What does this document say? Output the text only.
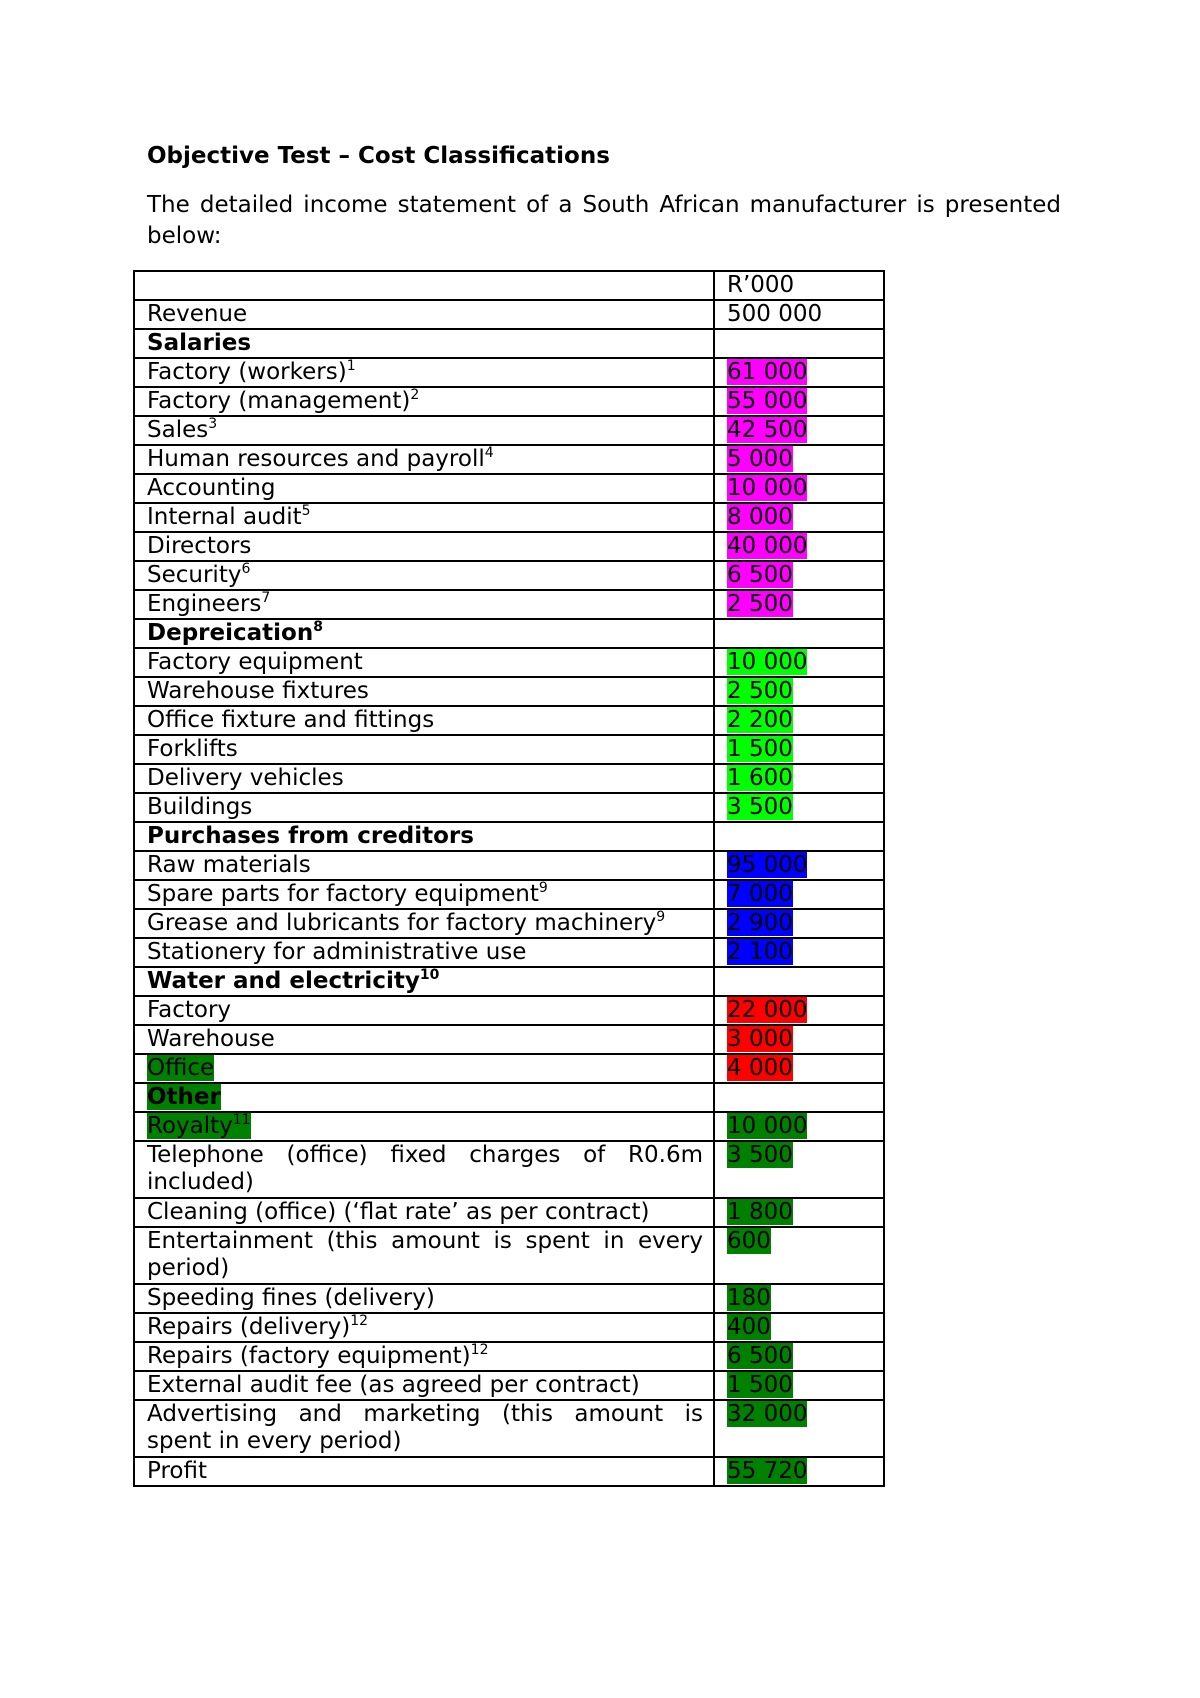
Objective Test – Cost Classifications

The detailed income statement of a South African manufacturer is presented below:

	R’000
Revenue	500 000
Salaries	
Factory (workers)$^1$	61 000
Factory (management)$^2$	55 000
Sales$^3$	42 500
Human resources and payroll$^4$	5 000
Accounting	10 000
Internal audit$^5$	8 000
Directors	40 000
Security$^6$	6 500
Engineers$^7$	2 500
Depreication$^8$	
Factory equipment	10 000
Warehouse fixtures	2 500
Office fixture and fittings	2 200
Forklifts	1 500
Delivery vehicles	1 600
Buildings	3 500
Purchases from creditors	
Raw materials	95 000
Spare parts for factory equipment$^9$	7 000
Grease and lubricants for factory machinery$^9$	2 900
Stationery for administrative use	2 100
Water and electricity$^{10}$	
Factory	22 000
Warehouse	3 000
Office	4 000
Other	
Royalty$^{11}$	10 000
Telephone (office) fixed charges of R0.6m included)	3 500
Cleaning (office) (‘flat rate’ as per contract)	1 800
Entertainment (this amount is spent in every period)	600
Speeding fines (delivery)	180
Repairs (delivery)$^{12}$	400
Repairs (factory equipment)$^{12}$	6 500
External audit fee (as agreed per contract)	1 500
Advertising and marketing (this amount is spent in every period)	32 000
Profit	55 720
